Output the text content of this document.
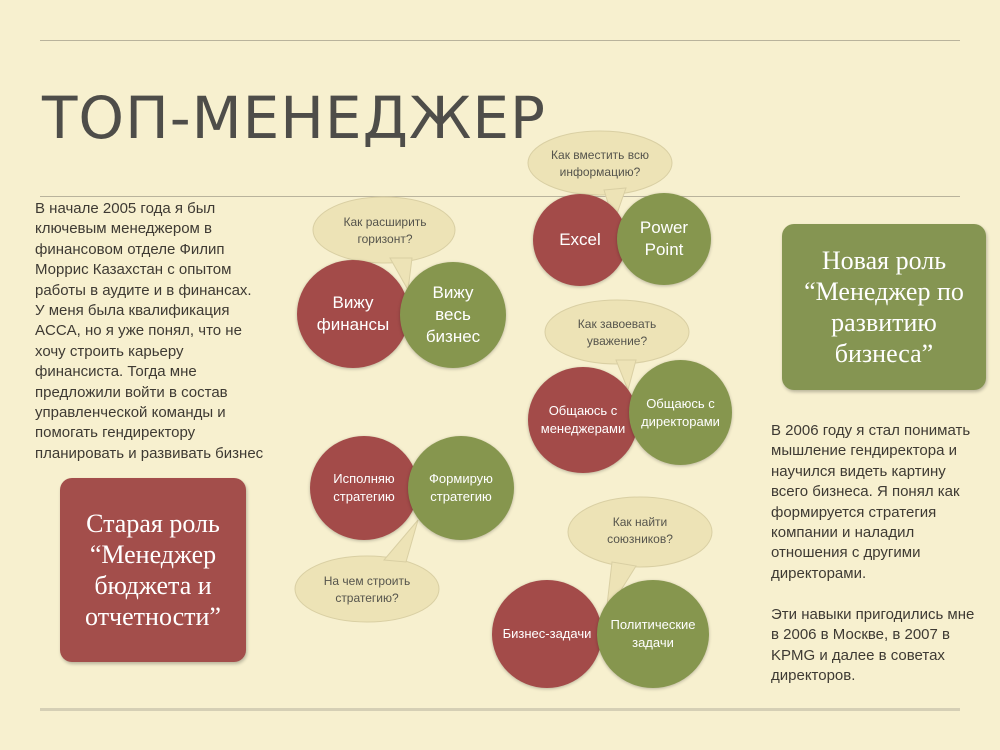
ТОП-МЕНЕДЖЕР

В начале 2005 года я был
ключевым менеджером в
финансовом отделе Филип
Моррис Казахстан с опытом
работы в аудите и в финансах.
У меня была квалификация
ACCA, но я уже понял, что не
хочу строить карьеру
финансиста. Тогда мне
предложили войти в состав
управленческой команды и
помогать гендиректору
планировать и развивать бизнес

Старая роль
“Менеджер
бюджета и
отчетности”
Новая роль
“Менеджер по
развитию
бизнеса”

В 2006 году я стал понимать
мышление гендиректора и
научился видеть картину
всего бизнеса. Я понял как
формируется стратегия
компании и наладил
отношения с другими
директорами.

Эти навыки пригодились мне
в 2006 в Москве, в 2007 в
KPMG и далее в советах
директоров.

Как расширить
горизонт?
Как вместить всю
информацию?
Как завоевать
уважение?
На чем строить
стратегию?
Как найти
союзников?
Вижу
финансы
Вижу
весь
бизнес
Excel
Power
Point
Общаюсь с
менеджерами
Общаюсь с
директорами
Исполняю
стратегию
Формирую
стратегию
Бизнес-задачи
Политические
задачи
